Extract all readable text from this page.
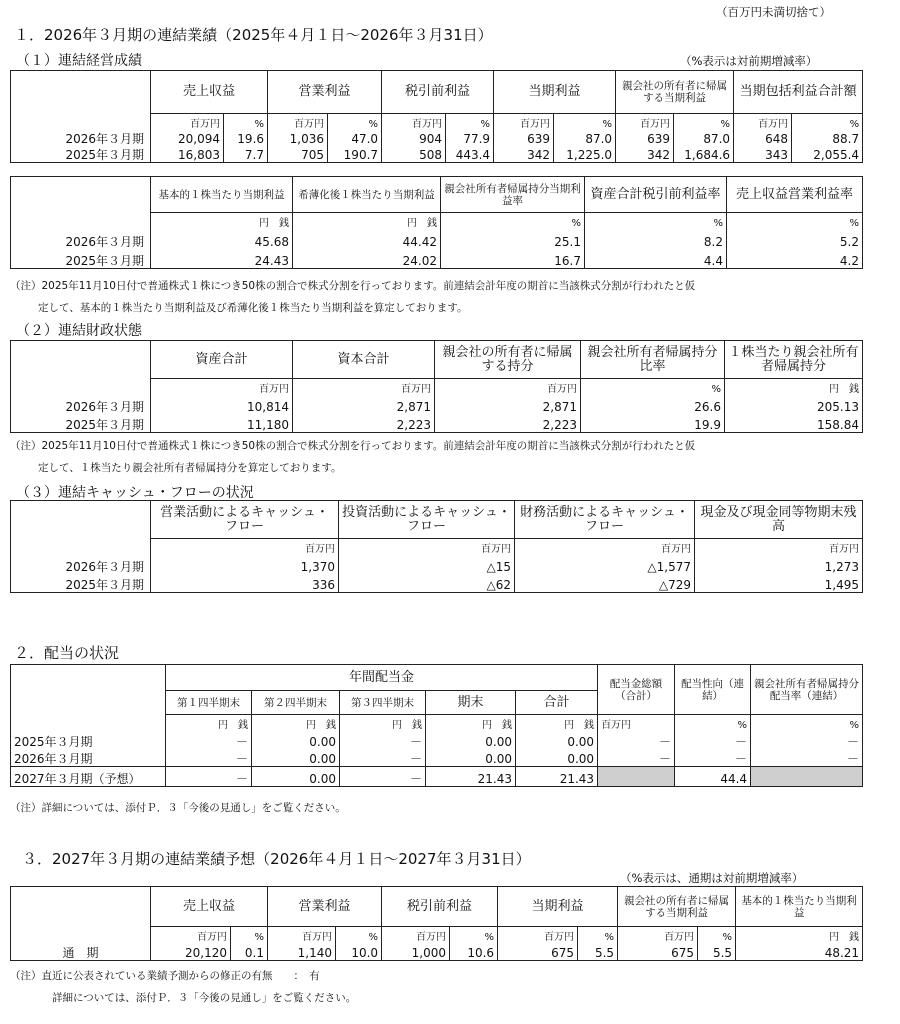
（百万円未満切捨て）
１．2026年３月期の連結業績（2025年４月１日～2026年３月31日）
（１）連結経営成績	（%表示は対前期増減率）
	売上収益		営業利益		税引前利益		当期利益		親会社の所有者に帰属する当期利益		当期包括利益合計額	
	百万円	%	百万円	%	百万円	%	百万円	%	百万円	%	百万円	%
2026年３月期	20,094	19.6	1,036	47.0	904	77.9	639	87.0	639	87.0	648	88.7
2025年３月期	16,803	7.7	705	190.7	508	443.4	342	1,225.0	342	1,684.6	343	2,055.4
	基本的１株当たり当期利益	希薄化後１株当たり当期利益	親会社所有者帰属持分当期利益率	資産合計税引前利益率	売上収益営業利益率
	円　銭	円　銭	%	%	%
2026年３月期	45.68	44.42	25.1	8.2	5.2
2025年３月期	24.43	24.02	16.7	4.4	4.2
（注）2025年11月10日付で普通株式１株につき50株の割合で株式分割を行っております。前連結会計年度の期首に当該株式分割が行われたと仮
定して、基本的１株当たり当期利益及び希薄化後１株当たり当期利益を算定しております。
（２）連結財政状態
	資産合計	資本合計	親会社の所有者に帰属する持分	親会社所有者帰属持分比率	１株当たり親会社所有者帰属持分
	百万円	百万円	百万円	%	円　銭
2026年３月期	10,814	2,871	2,871	26.6	205.13
2025年３月期	11,180	2,223	2,223	19.9	158.84
（注）2025年11月10日付で普通株式１株につき50株の割合で株式分割を行っております。前連結会計年度の期首に当該株式分割が行われたと仮
定して、１株当たり親会社所有者帰属持分を算定しております。
（３）連結キャッシュ・フローの状況
	営業活動によるキャッシュ・フロー	投資活動によるキャッシュ・フロー	財務活動によるキャッシュ・フロー	現金及び現金同等物期末残高
	百万円	百万円	百万円	百万円
2026年３月期	1,370	△15	△1,577	1,273
2025年３月期	336	△62	△729	1,495
２．配当の状況
	年間配当金					配当金総額（合計）	配当性向（連結）	親会社所有者帰属持分配当率（連結）
	第１四半期末	第２四半期末	第３四半期末	期末	合計			
	円　銭	円　銭	円　銭	円　銭	円　銭	百万円	%	%
2025年３月期	－	0.00	－	0.00	0.00	－	－	－
2026年３月期	－	0.00	－	0.00	0.00	－	－	－
2027年３月期（予想）	－	0.00	－	21.43	21.43		44.4	
（注）詳細については、添付Ｐ．３「今後の見通し」をご覧ください。
３．2027年３月期の連結業績予想（2026年４月１日～2027年３月31日）
（%表示は、通期は対前期増減率）
	売上収益		営業利益		税引前利益		当期利益		親会社の所有者に帰属する当期利益		基本的１株当たり当期利益
	百万円	%	百万円	%	百万円	%	百万円	%	百万円	%	円　銭
通　期	20,120	0.1	1,140	10.0	1,000	10.6	675	5.5	675	5.5	48.21
（注）直近に公表されている業績予測からの修正の有無　　：　有
詳細については、添付Ｐ．３「今後の見通し」をご覧ください。
